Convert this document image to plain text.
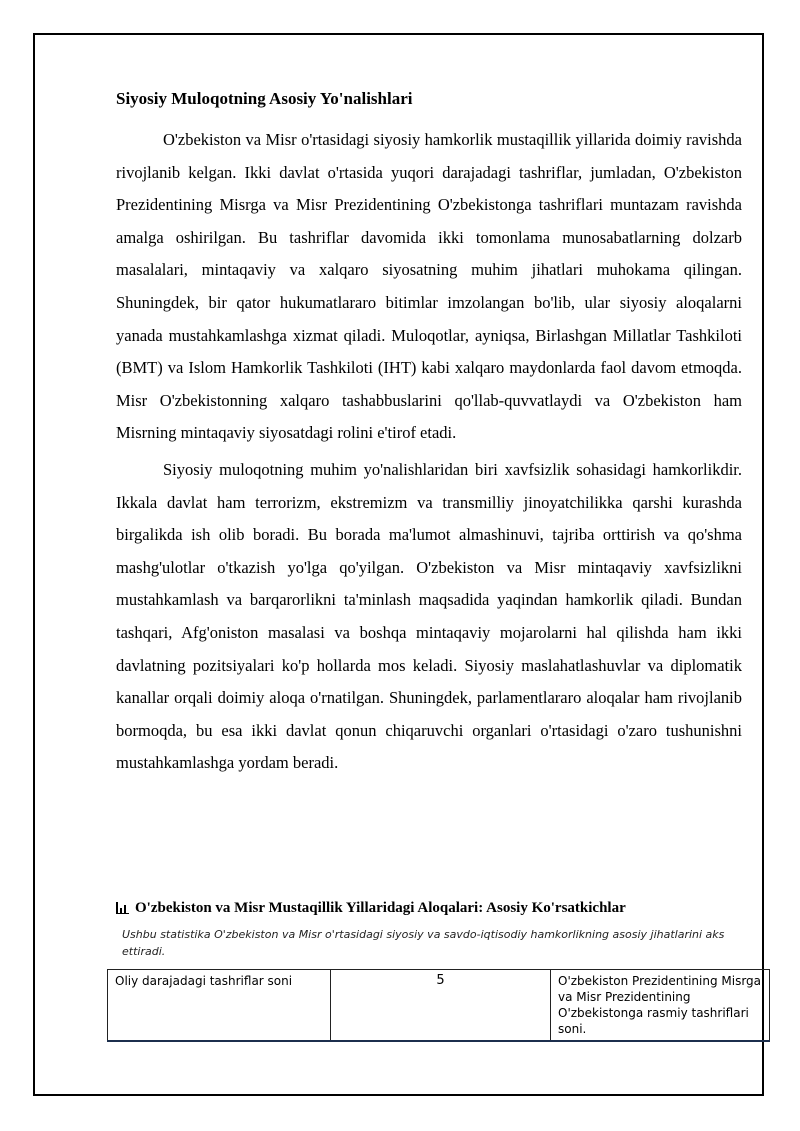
Siyosiy Muloqotning Asosiy Yo'nalishlari

O'zbekiston va Misr o'rtasidagi siyosiy hamkorlik mustaqillik yillarida doimiy ravishda rivojlanib kelgan. Ikki davlat o'rtasida yuqori darajadagi tashriflar, jumladan, O'zbekiston Prezidentining Misrga va Misr Prezidentining O'zbekistonga tashriflari muntazam ravishda amalga oshirilgan. Bu tashriflar davomida ikki tomonlama munosabatlarning dolzarb masalalari, mintaqaviy va xalqaro siyosatning muhim jihatlari muhokama qilingan. Shuningdek, bir qator hukumatlararo bitimlar imzolangan bo'lib, ular siyosiy aloqalarni yanada mustahkamlashga xizmat qiladi. Muloqotlar, ayniqsa, Birlashgan Millatlar Tashkiloti (BMT) va Islom Hamkorlik Tashkiloti (IHT) kabi xalqaro maydonlarda faol davom etmoqda. Misr O'zbekistonning xalqaro tashabbuslarini qo'llab-quvvatlaydi va O'zbekiston ham Misrning mintaqaviy siyosatdagi rolini e'tirof etadi.

Siyosiy muloqotning muhim yo'nalishlaridan biri xavfsizlik sohasidagi hamkorlikdir. Ikkala davlat ham terrorizm, ekstremizm va transmilliy jinoyatchilikka qarshi kurashda birgalikda ish olib boradi. Bu borada ma'lumot almashinuvi, tajriba orttirish va qo'shma mashg'ulotlar o'tkazish yo'lga qo'yilgan. O'zbekiston va Misr mintaqaviy xavfsizlikni mustahkamlash va barqarorlikni ta'minlash maqsadida yaqindan hamkorlik qiladi. Bundan tashqari, Afg'oniston masalasi va boshqa mintaqaviy mojarolarni hal qilishda ham ikki davlatning pozitsiyalari ko'p hollarda mos keladi. Siyosiy maslahatlashuvlar va diplomatik kanallar orqali doimiy aloqa o'rnatilgan. Shuningdek, parlamentlararo aloqalar ham rivojlanib bormoqda, bu esa ikki davlat qonun chiqaruvchi organlari o'rtasidagi o'zaro tushunishni mustahkamlashga yordam beradi.

O'zbekiston va Misr Mustaqillik Yillaridagi Aloqalari: Asosiy Ko'rsatkichlar
Ushbu statistika O'zbekiston va Misr o'rtasidagi siyosiy va savdo-iqtisodiy hamkorlikning asosiy jihatlarini aks ettiradi.
Oliy darajadagi tashriflar soni	5	O'zbekiston Prezidentining Misrga va Misr Prezidentining O'zbekistonga rasmiy tashriflari soni.
